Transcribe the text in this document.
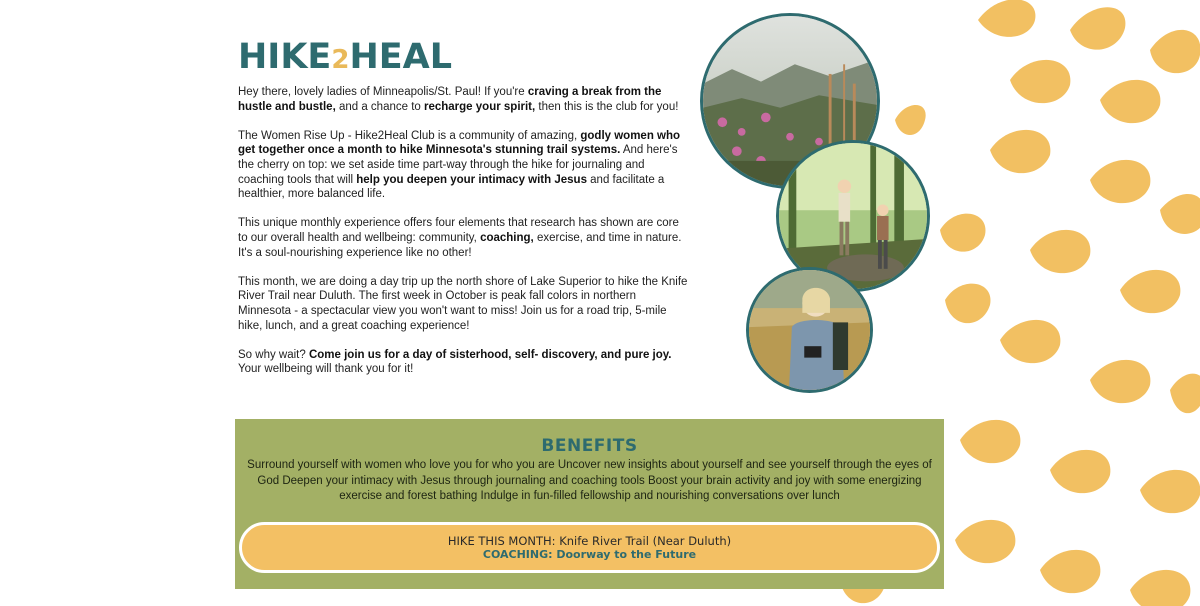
HIKE2HEAL

Hey there, lovely ladies of Minneapolis/St. Paul! If you're craving a break from the hustle and bustle, and a chance to recharge your spirit, then this is the club for you!

The Women Rise Up - Hike2Heal Club is a community of amazing, godly women who get together once a month to hike Minnesota's stunning trail systems. And here's the cherry on top: we set aside time part-way through the hike for journaling and coaching tools that will help you deepen your intimacy with Jesus and facilitate a healthier, more balanced life.

This unique monthly experience offers four elements that research has shown are core to our overall health and wellbeing: community, coaching, exercise, and time in nature. It's a soul-nourishing experience like no other!

This month, we are doing a day trip up the north shore of Lake Superior to hike the Knife River Trail near Duluth. The first week in October is peak fall colors in northern Minnesota - a spectacular view you won't want to miss! Join us for a road trip, 5-mile hike, lunch, and a great coaching experience!

So why wait? Come join us for a day of sisterhood, self- discovery, and pure joy. Your wellbeing will thank you for it!

BENEFITS

Surround yourself with women who love you for who you are Uncover new insights about yourself and see yourself through the eyes of God Deepen your intimacy with Jesus through journaling and coaching tools Boost your brain activity and joy with some energizing exercise and forest bathing Indulge in fun-filled fellowship and nourishing conversations over lunch

HIKE THIS MONTH: Knife River Trail (Near Duluth)
COACHING: Doorway to the Future
